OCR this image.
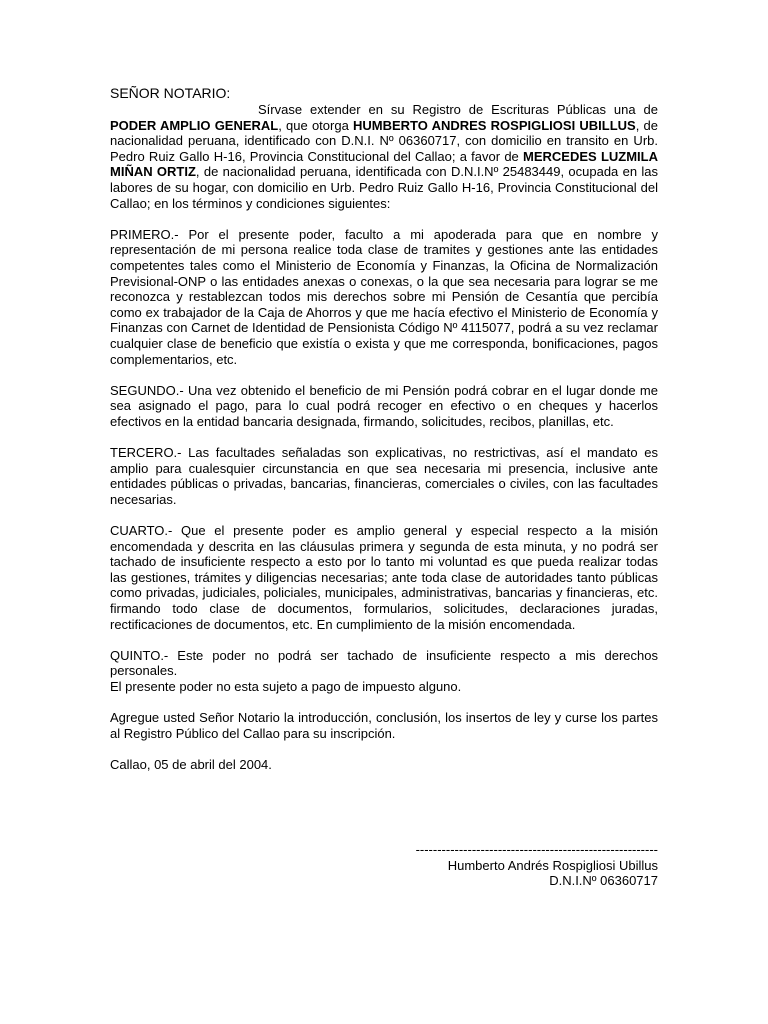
SEÑOR NOTARIO:

Sírvase extender en su Registro de Escrituras Públicas una de PODER AMPLIO GENERAL, que otorga HUMBERTO ANDRES ROSPIGLIOSI UBILLUS, de nacionalidad peruana, identificado con D.N.I. Nº 06360717, con domicilio en transito en Urb. Pedro Ruiz Gallo H-16, Provincia Constitucional del Callao; a favor de MERCEDES LUZMILA MIÑAN ORTIZ, de nacionalidad peruana, identificada con D.N.I.Nº 25483449, ocupada en las labores de su hogar, con domicilio en Urb. Pedro Ruiz Gallo H-16, Provincia Constitucional del Callao; en los términos y condiciones siguientes:

PRIMERO.- Por el presente poder, faculto a mi apoderada para que en nombre y representación de mi persona realice toda clase de tramites y gestiones ante las entidades competentes tales como el Ministerio de Economía y Finanzas, la Oficina de Normalización Previsional-ONP o las entidades anexas o conexas, o la que sea necesaria para lograr se me reconozca y restablezcan todos mis derechos sobre mi Pensión de Cesantía que percibía como ex trabajador de la Caja de Ahorros y que me hacía efectivo el Ministerio de Economía y Finanzas con Carnet de Identidad de Pensionista Código Nº 4115077, podrá a su vez reclamar cualquier clase de beneficio que existía o exista y que me corresponda, bonificaciones, pagos complementarios, etc.

SEGUNDO.- Una vez obtenido el beneficio de mi Pensión podrá cobrar en el lugar donde me sea asignado el pago, para lo cual podrá recoger en efectivo o en cheques y hacerlos efectivos en la entidad bancaria designada, firmando, solicitudes, recibos, planillas, etc.

TERCERO.- Las facultades señaladas son explicativas, no restrictivas, así el mandato es amplio para cualesquier circunstancia en que sea necesaria mi presencia, inclusive ante entidades públicas o privadas, bancarias, financieras, comerciales o civiles, con las facultades necesarias.

CUARTO.- Que el presente poder es amplio general y especial respecto a la misión encomendada y descrita en las cláusulas primera y segunda de esta minuta, y no podrá ser tachado de insuficiente respecto a esto por lo tanto mi voluntad es que pueda realizar todas las gestiones, trámites y diligencias necesarias; ante toda clase de autoridades tanto públicas como privadas, judiciales, policiales, municipales, administrativas, bancarias y financieras, etc. firmando todo clase de documentos, formularios, solicitudes, declaraciones juradas, rectificaciones de documentos, etc. En cumplimiento de la misión encomendada.

QUINTO.- Este poder no podrá ser tachado de insuficiente respecto a mis derechos personales.
El presente poder no esta sujeto a pago de impuesto alguno.

Agregue usted Señor Notario la introducción, conclusión, los insertos de ley y curse los partes al Registro Público del Callao para su inscripción.

Callao, 05 de abril del 2004.

--------------------------------------------------------
Humberto Andrés Rospigliosi Ubillus
D.N.I.Nº 06360717
